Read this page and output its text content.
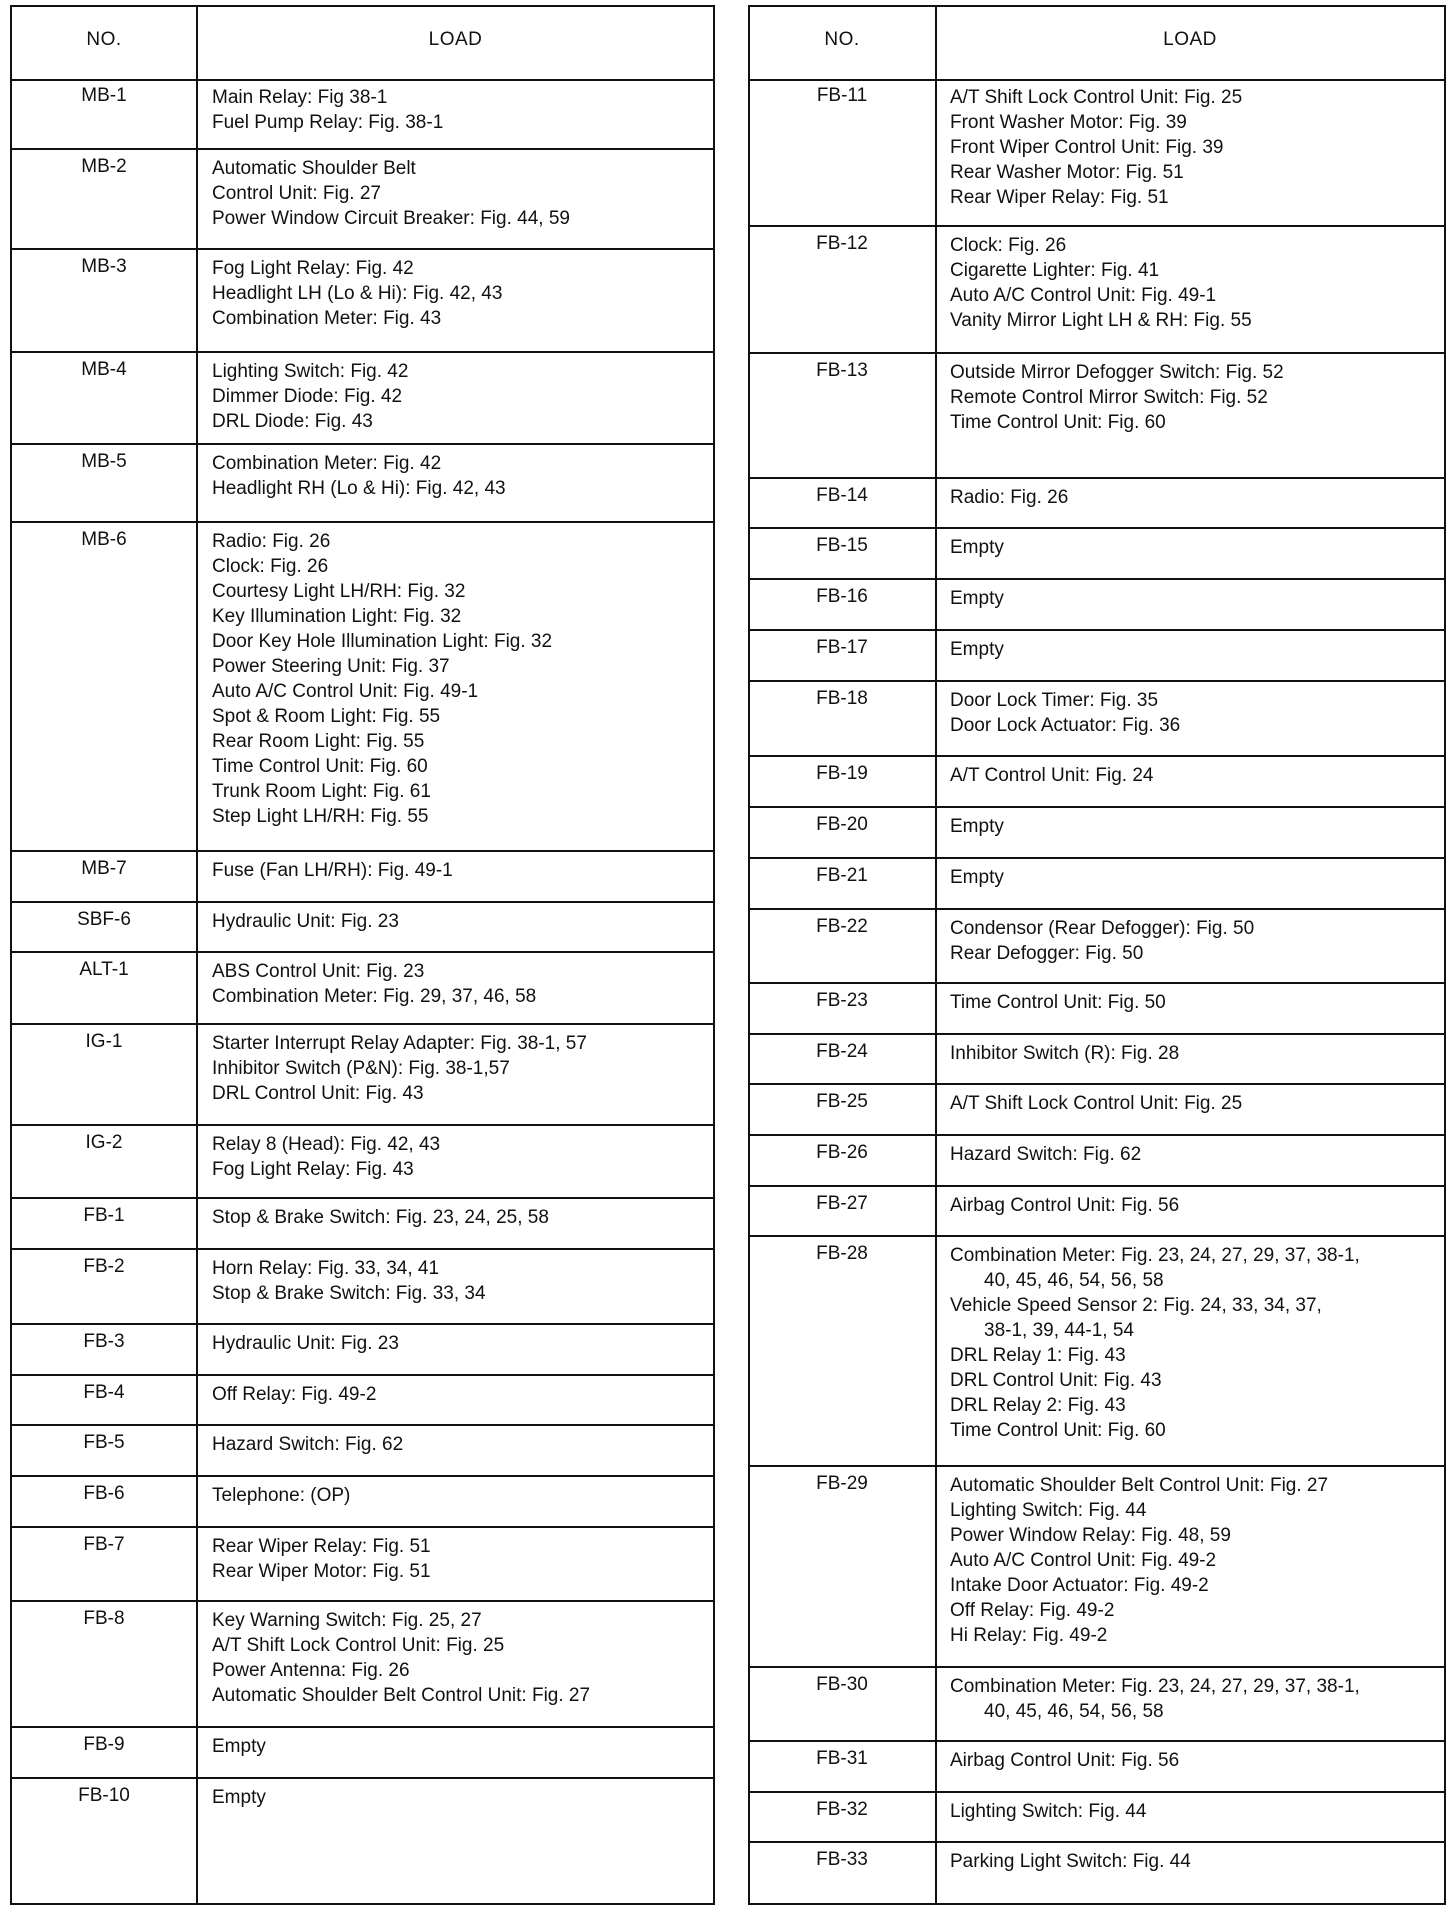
NO.	LOAD
MB-1	Main Relay: Fig 38-1
Fuel Pump Relay: Fig. 38-1
MB-2	Automatic Shoulder Belt
Control Unit: Fig. 27
Power Window Circuit Breaker: Fig. 44, 59
MB-3	Fog Light Relay: Fig. 42
Headlight LH (Lo & Hi): Fig. 42, 43
Combination Meter: Fig. 43
MB-4	Lighting Switch: Fig. 42
Dimmer Diode: Fig. 42
DRL Diode: Fig. 43
MB-5	Combination Meter: Fig. 42
Headlight RH (Lo & Hi): Fig. 42, 43
MB-6	Radio: Fig. 26
Clock: Fig. 26
Courtesy Light LH/RH: Fig. 32
Key Illumination Light: Fig. 32
Door Key Hole Illumination Light: Fig. 32
Power Steering Unit: Fig. 37
Auto A/C Control Unit: Fig. 49-1
Spot & Room Light: Fig. 55
Rear Room Light: Fig. 55
Time Control Unit: Fig. 60
Trunk Room Light: Fig. 61
Step Light LH/RH: Fig. 55
MB-7	Fuse (Fan LH/RH): Fig. 49-1
SBF-6	Hydraulic Unit: Fig. 23
ALT-1	ABS Control Unit: Fig. 23
Combination Meter: Fig. 29, 37, 46, 58
IG-1	Starter Interrupt Relay Adapter: Fig. 38-1, 57
Inhibitor Switch (P&N): Fig. 38-1,57
DRL Control Unit: Fig. 43
IG-2	Relay 8 (Head): Fig. 42, 43
Fog Light Relay: Fig. 43
FB-1	Stop & Brake Switch: Fig. 23, 24, 25, 58
FB-2	Horn Relay: Fig. 33, 34, 41
Stop & Brake Switch: Fig. 33, 34
FB-3	Hydraulic Unit: Fig. 23
FB-4	Off Relay: Fig. 49-2
FB-5	Hazard Switch: Fig. 62
FB-6	Telephone: (OP)
FB-7	Rear Wiper Relay: Fig. 51
Rear Wiper Motor: Fig. 51
FB-8	Key Warning Switch: Fig. 25, 27
A/T Shift Lock Control Unit: Fig. 25
Power Antenna: Fig. 26
Automatic Shoulder Belt Control Unit: Fig. 27
FB-9	Empty
FB-10	Empty
NO.	LOAD
FB-11	A/T Shift Lock Control Unit: Fig. 25
Front Washer Motor: Fig. 39
Front Wiper Control Unit: Fig. 39
Rear Washer Motor: Fig. 51
Rear Wiper Relay: Fig. 51
FB-12	Clock: Fig. 26
Cigarette Lighter: Fig. 41
Auto A/C Control Unit: Fig. 49-1
Vanity Mirror Light LH & RH: Fig. 55
FB-13	Outside Mirror Defogger Switch: Fig. 52
Remote Control Mirror Switch: Fig. 52
Time Control Unit: Fig. 60
FB-14	Radio: Fig. 26
FB-15	Empty
FB-16	Empty
FB-17	Empty
FB-18	Door Lock Timer: Fig. 35
Door Lock Actuator: Fig. 36
FB-19	A/T Control Unit: Fig. 24
FB-20	Empty
FB-21	Empty
FB-22	Condensor (Rear Defogger): Fig. 50
Rear Defogger: Fig. 50
FB-23	Time Control Unit: Fig. 50
FB-24	Inhibitor Switch (R): Fig. 28
FB-25	A/T Shift Lock Control Unit: Fig. 25
FB-26	Hazard Switch: Fig. 62
FB-27	Airbag Control Unit: Fig. 56
FB-28	Combination Meter: Fig. 23, 24, 27, 29, 37, 38-1,
40, 45, 46, 54, 56, 58
Vehicle Speed Sensor 2: Fig. 24, 33, 34, 37,
38-1, 39, 44-1, 54
DRL Relay 1: Fig. 43
DRL Control Unit: Fig. 43
DRL Relay 2: Fig. 43
Time Control Unit: Fig. 60
FB-29	Automatic Shoulder Belt Control Unit: Fig. 27
Lighting Switch: Fig. 44
Power Window Relay: Fig. 48, 59
Auto A/C Control Unit: Fig. 49-2
Intake Door Actuator: Fig. 49-2
Off Relay: Fig. 49-2
Hi Relay: Fig. 49-2
FB-30	Combination Meter: Fig. 23, 24, 27, 29, 37, 38-1,
40, 45, 46, 54, 56, 58
FB-31	Airbag Control Unit: Fig. 56
FB-32	Lighting Switch: Fig. 44
FB-33	Parking Light Switch: Fig. 44
